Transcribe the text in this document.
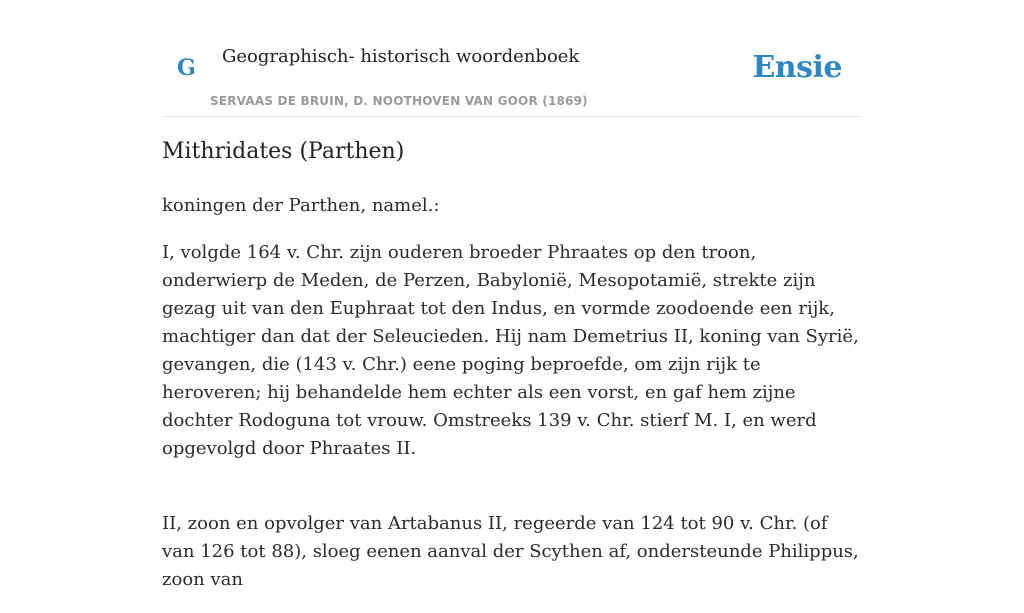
G Geographisch- historisch woordenboek
SERVAAS DE BRUIN, D. NOOTHOVEN VAN GOOR (1869)
Ensie
Mithridates (Parthen)

koningen der Parthen, namel.:

I, volgde 164 v. Chr. zijn ouderen broeder Phraates op den troon, onderwierp de Meden, de Perzen, Babylonië, Mesopotamië, strekte zijn gezag uit van den Euphraat tot den Indus, en vormde zoodoende een rijk, machtiger dan dat der Seleucieden. Hij nam Demetrius II, koning van Syrië, gevangen, die (143 v. Chr.) eene poging beproefde, om zijn rijk te heroveren; hij behandelde hem echter als een vorst, en gaf hem zijne dochter Rodoguna tot vrouw. Omstreeks 139 v. Chr. stierf M. I, en werd opgevolgd door Phraates II.

II, zoon en opvolger van Artabanus II, regeerde van 124 tot 90 v. Chr. (of van 126 tot 88), sloeg eenen aanval der Scythen af, ondersteunde Philippus, zoon van
